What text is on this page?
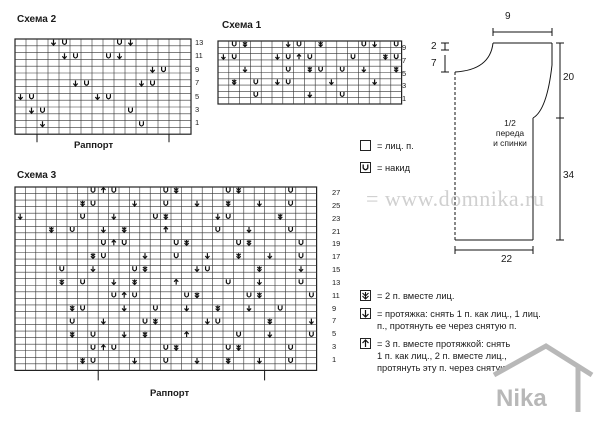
Схема 2
13
11
9
7
5
3
1
Раппорт
Схема 1
9
7
5
3
1
= лиц. п.
= накид
9
2
7
20
34
22
1/2
переда
и спинки
Схема 3
27
25
23
21
19
17
15
13
11
9
7
5
3
1
Раппорт
= www.domnika.ru
= 2 п. вместе лиц.
= протяжка: снять 1 п. как лиц., 1 лиц.
п., протянуть ее через снятую п.
= 3 п. вместе протяжкой: снять
1 п. как лиц., 2 п. вместе лиц.,
протянуть эту п. через снятую
Nika
